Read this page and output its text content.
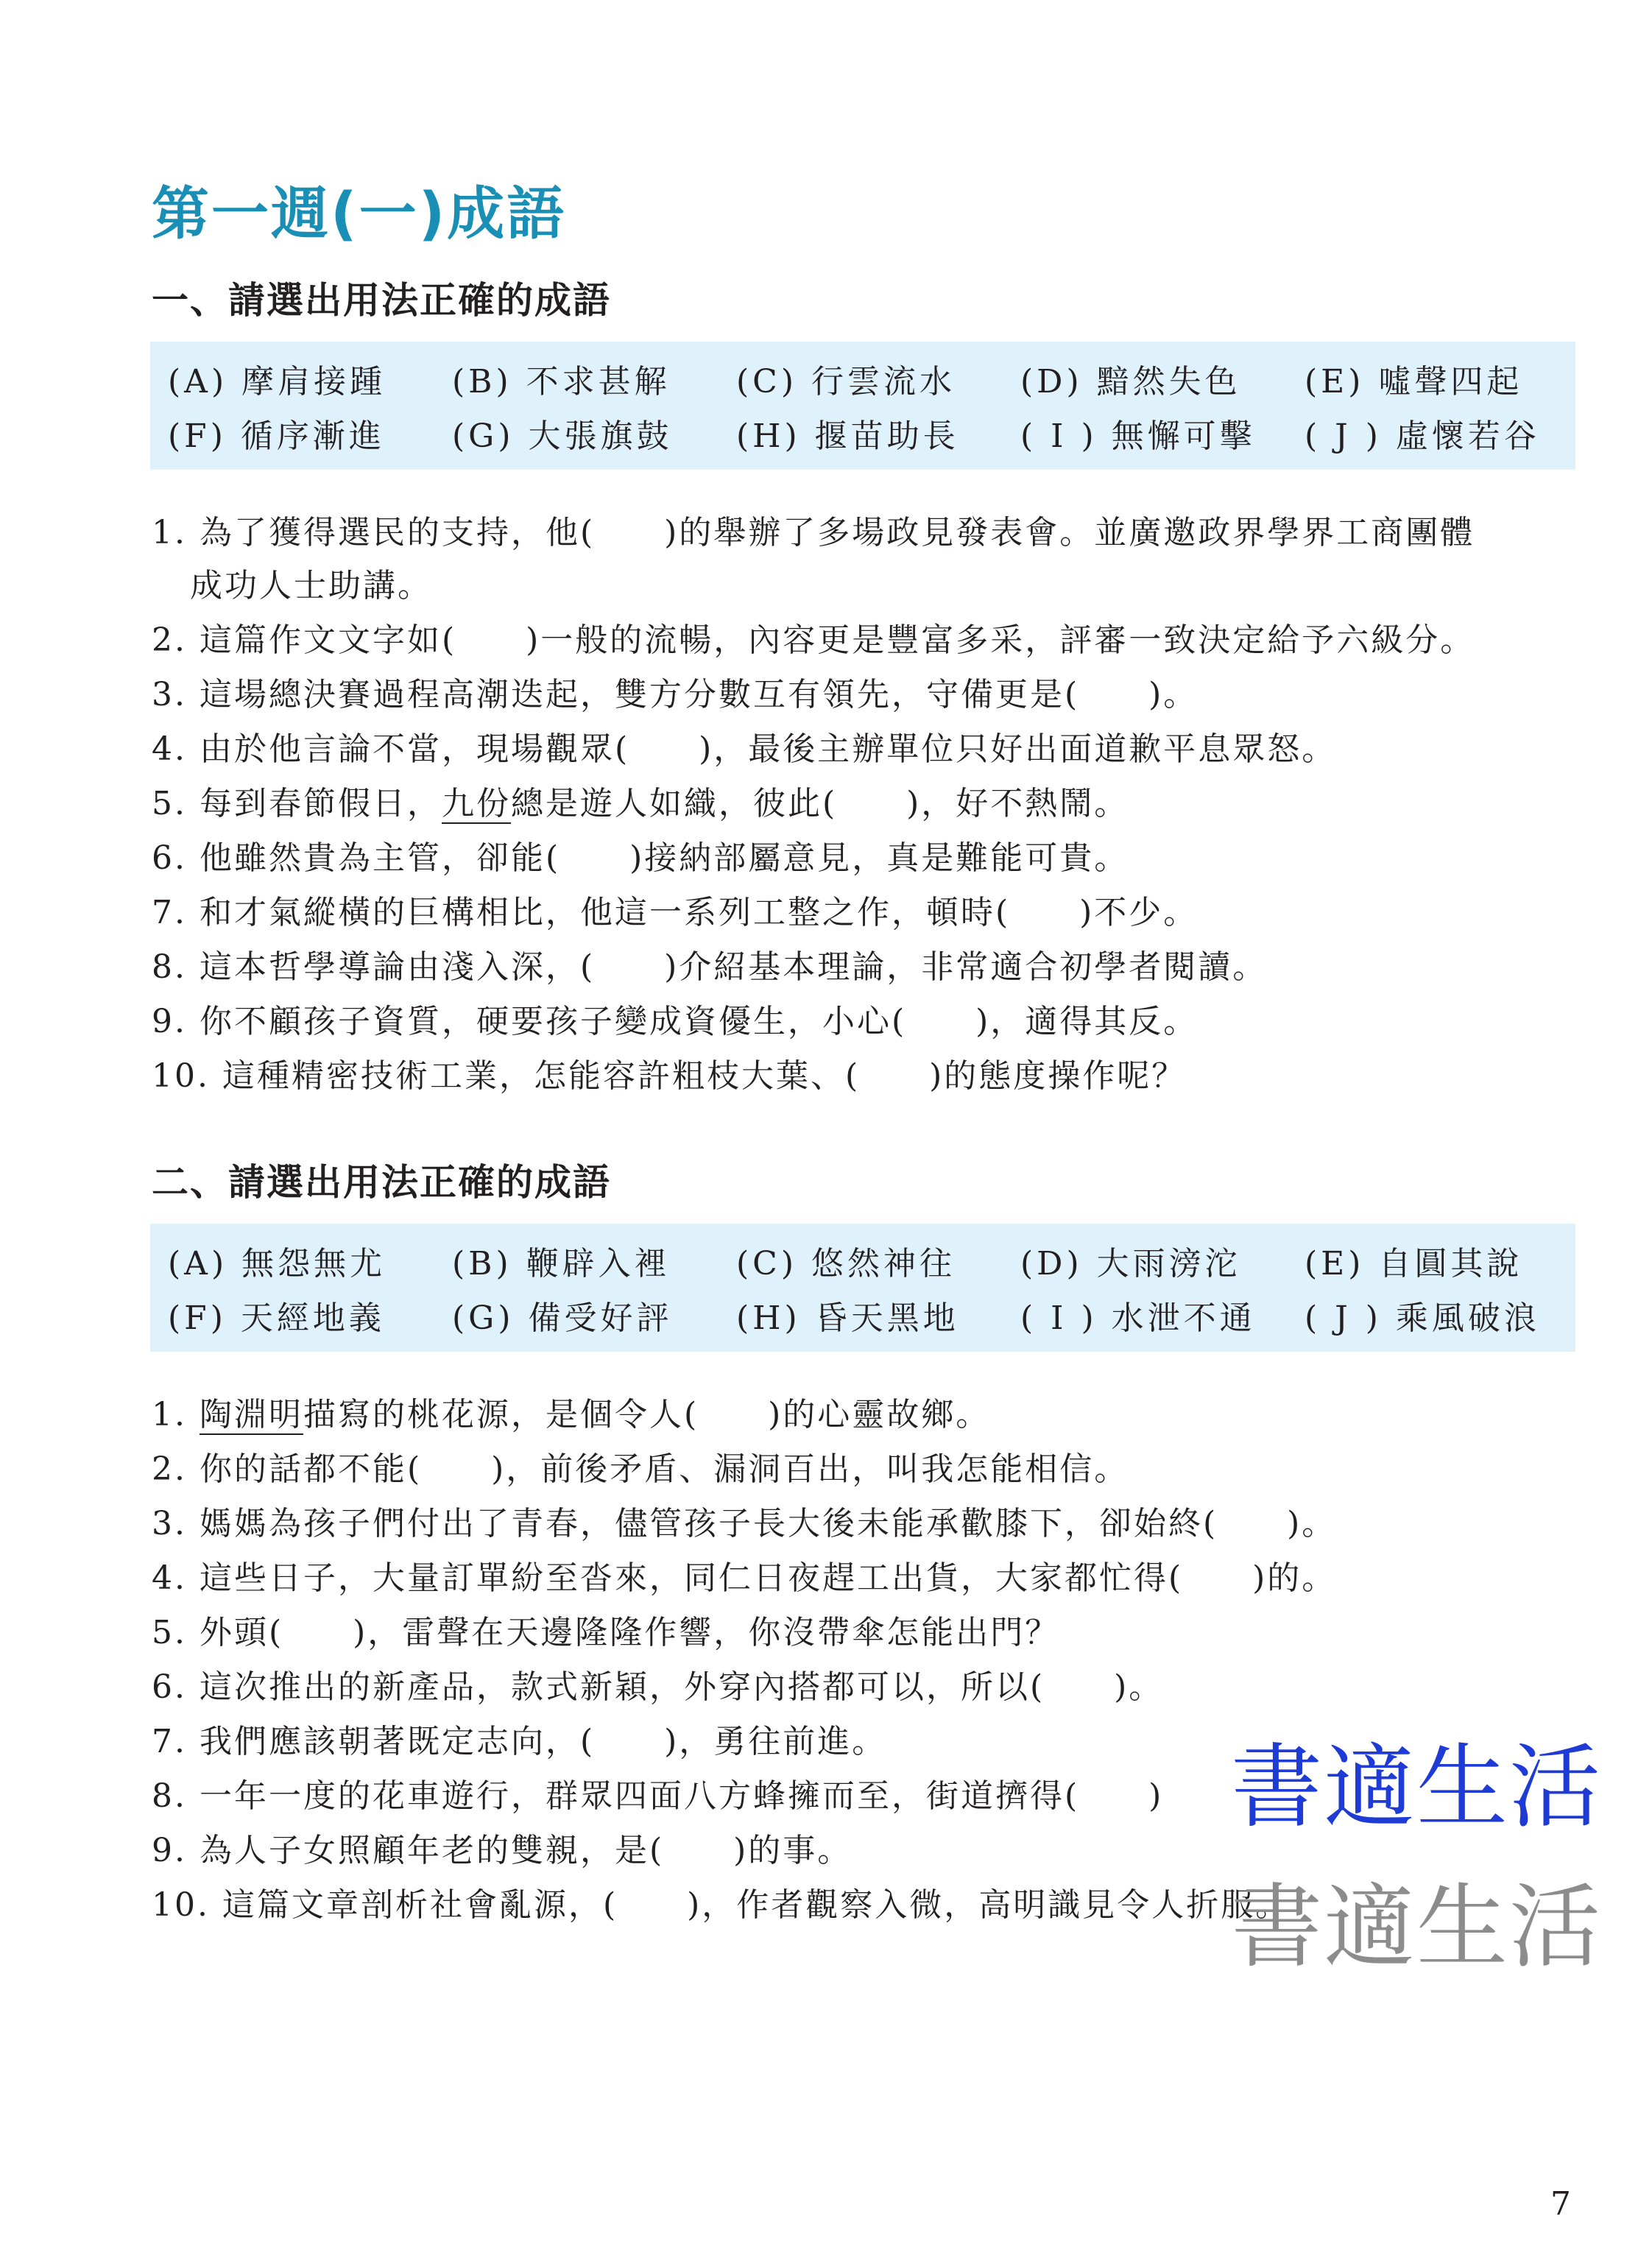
第一週(一)成語
一、請選出用法正確的成語
(A) 摩肩接踵 (B) 不求甚解 (C) 行雲流水 (D) 黯然失色 (E) 噓聲四起
(F) 循序漸進 (G) 大張旗鼓 (H) 揠苗助長 ( I ) 無懈可擊 ( J ) 虛懷若谷
1. 為了獲得選民的支持，他(　　)的舉辦了多場政見發表會。並廣邀政界學界工商團體
成功人士助講。
2. 這篇作文文字如(　　)一般的流暢，內容更是豐富多采，評審一致決定給予六級分。
3. 這場總決賽過程高潮迭起，雙方分數互有領先，守備更是(　　)。
4. 由於他言論不當，現場觀眾(　　)，最後主辦單位只好出面道歉平息眾怒。
5. 每到春節假日，九份總是遊人如織，彼此(　　)，好不熱鬧。
6. 他雖然貴為主管，卻能(　　)接納部屬意見，真是難能可貴。
7. 和才氣縱橫的巨構相比，他這一系列工整之作，頓時(　　)不少。
8. 這本哲學導論由淺入深，(　　)介紹基本理論，非常適合初學者閱讀。
9. 你不顧孩子資質，硬要孩子變成資優生，小心(　　)，適得其反。
10. 這種精密技術工業，怎能容許粗枝大葉、(　　)的態度操作呢？
二、請選出用法正確的成語
(A) 無怨無尤 (B) 鞭辟入裡 (C) 悠然神往 (D) 大雨滂沱 (E) 自圓其說
(F) 天經地義 (G) 備受好評 (H) 昏天黑地 ( I ) 水泄不通 ( J ) 乘風破浪
1. 陶淵明描寫的桃花源，是個令人(　　)的心靈故鄉。
2. 你的話都不能(　　)，前後矛盾、漏洞百出，叫我怎能相信。
3. 媽媽為孩子們付出了青春，儘管孩子長大後未能承歡膝下，卻始終(　　)。
4. 這些日子，大量訂單紛至沓來，同仁日夜趕工出貨，大家都忙得(　　)的。
5. 外頭(　　)，雷聲在天邊隆隆作響，你沒帶傘怎能出門？
6. 這次推出的新產品，款式新穎，外穿內搭都可以，所以(　　)。
7. 我們應該朝著既定志向，(　　)，勇往前進。
8. 一年一度的花車遊行，群眾四面八方蜂擁而至，街道擠得(　　)
9. 為人子女照顧年老的雙親，是(　　)的事。
10. 這篇文章剖析社會亂源，(　　)，作者觀察入微，高明識見令人折服。
書適生活
書適生活
7
